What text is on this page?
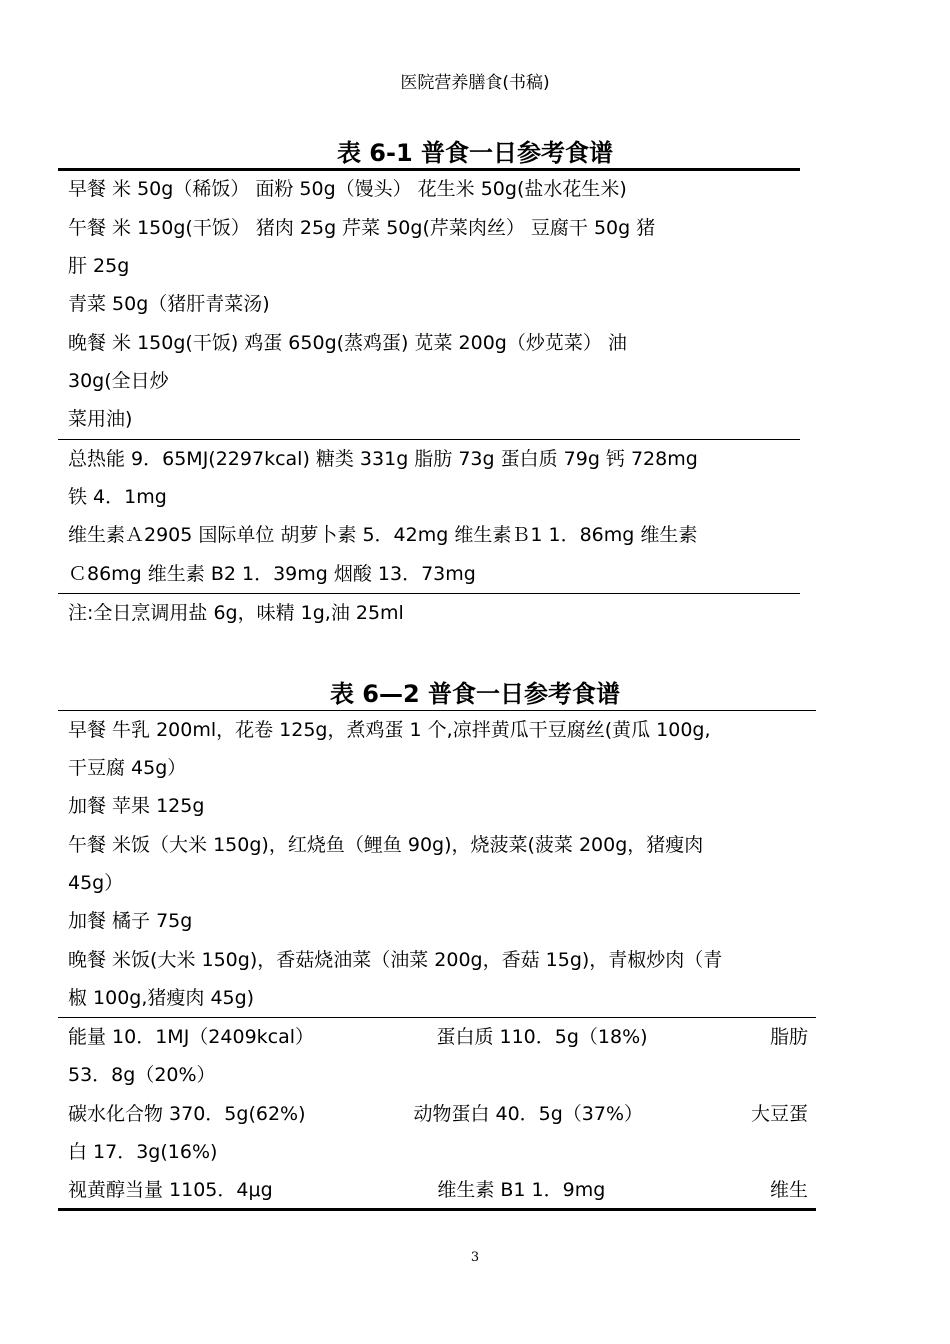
医院营养膳食(书稿)
表 6-1 普食一日参考食谱
早餐 米 50g（稀饭） 面粉 50g（馒头） 花生米 50g(盐水花生米)
午餐 米 150g(干饭） 猪肉 25g 芹菜 50g(芹菜肉丝） 豆腐干 50g 猪
肝 25g
青菜 50g（猪肝青菜汤)
晚餐 米 150g(干饭) 鸡蛋 650g(蒸鸡蛋) 苋菜 200g（炒苋菜） 油
30g(全日炒
菜用油)
总热能 9．65MJ(2297kcal) 糖类 331g 脂肪 73g 蛋白质 79g 钙 728mg
铁 4．1mg
维生素Ａ2905 国际单位 胡萝卜素 5．42mg 维生素Ｂ1 1．86mg 维生素
Ｃ86mg 维生素 B2 1．39mg 烟酸 13．73mg
注:全日烹调用盐 6g，味精 1g,油 25ml
表 6—2 普食一日参考食谱
早餐 牛乳 200ml，花卷 125g，煮鸡蛋 1 个,凉拌黄瓜干豆腐丝(黄瓜 100g,
干豆腐 45g）
加餐 苹果 125g
午餐 米饭（大米 150g)，红烧鱼（鲤鱼 90g)，烧菠菜(菠菜 200g，猪瘦肉
45g）
加餐 橘子 75g
晚餐 米饭(大米 150g)，香菇烧油菜（油菜 200g，香菇 15g)，青椒炒肉（青
椒 100g,猪瘦肉 45g)
能量 10．1MJ（2409kcal）	蛋白质 110．5g（18%)	脂肪
53．8g（20%）
碳水化合物 370．5g(62%)	动物蛋白 40．5g（37%）	大豆蛋
白 17．3g(16%)
视黄醇当量 1105．4μg	维生素 B1 1．9mg	维生
3
